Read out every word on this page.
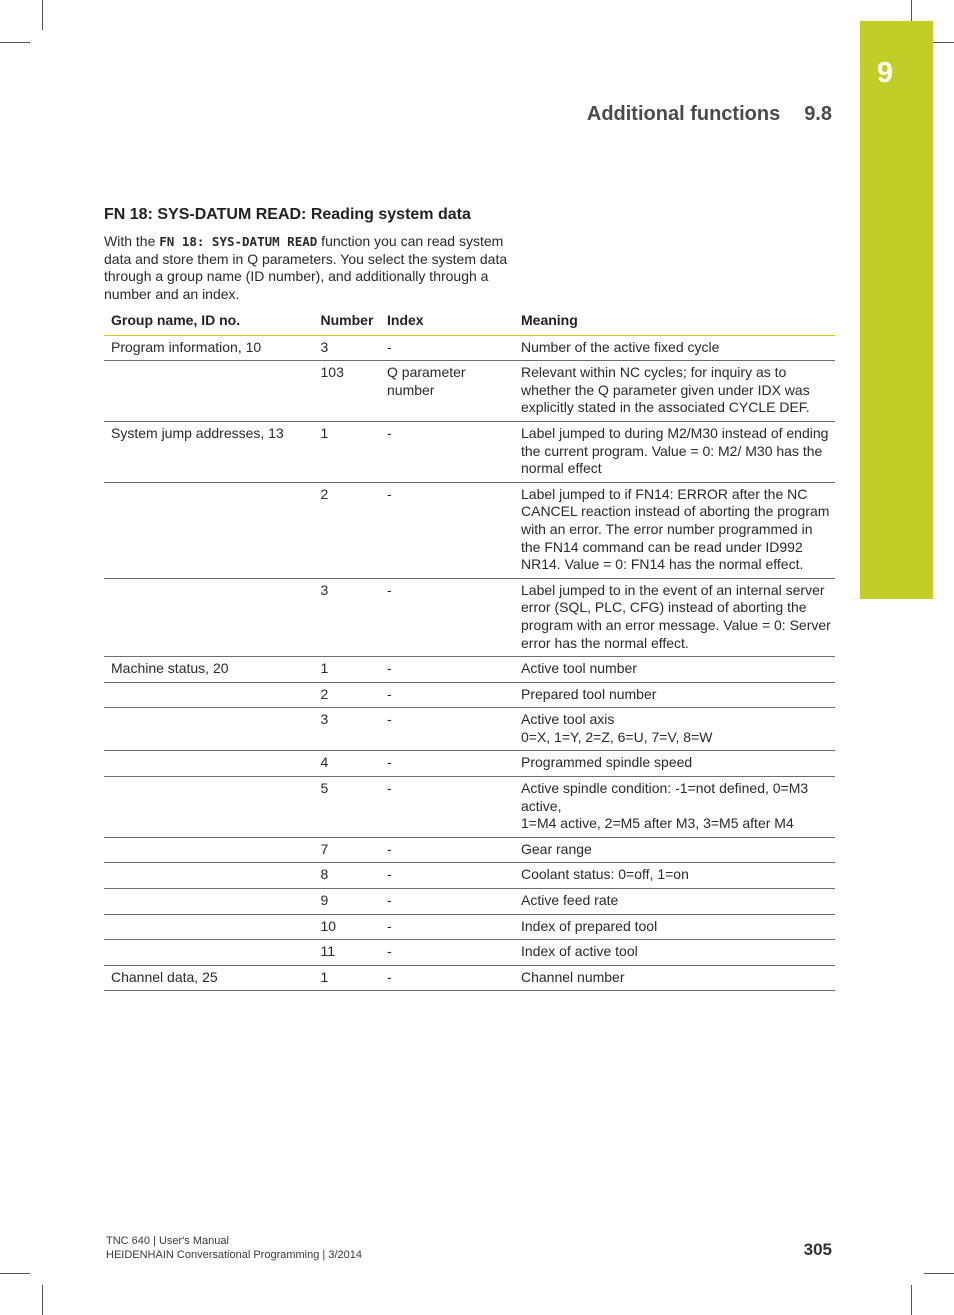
9
Additional functions 9.8
FN 18: SYS-DATUM READ: Reading system data

With the FN 18: SYS-DATUM READ function you can read system data and store them in Q parameters. You select the system data through a group name (ID number), and additionally through a number and an index.

Group name, ID no.	Number	Index	Meaning
Program information, 10	3	-	Number of the active fixed cycle
	103	Q parameter number	Relevant within NC cycles; for inquiry as to whether the Q parameter given under IDX was explicitly stated in the associated CYCLE DEF.
System jump addresses, 13	1	-	Label jumped to during M2/M30 instead of ending the current program. Value = 0: M2/ M30 has the normal effect
	2	-	Label jumped to if FN14: ERROR after the NC CANCEL reaction instead of aborting the program with an error. The error number programmed in the FN14 command can be read under ID992 NR14. Value = 0: FN14 has the normal effect.
	3	-	Label jumped to in the event of an internal server error (SQL, PLC, CFG) instead of aborting the program with an error message. Value = 0: Server error has the normal effect.
Machine status, 20	1	-	Active tool number
	2	-	Prepared tool number
	3	-	Active tool axis
0=X, 1=Y, 2=Z, 6=U, 7=V, 8=W
	4	-	Programmed spindle speed
	5	-	Active spindle condition: -1=not defined, 0=M3 active,
1=M4 active, 2=M5 after M3, 3=M5 after M4
	7	-	Gear range
	8	-	Coolant status: 0=off, 1=on
	9	-	Active feed rate
	10	-	Index of prepared tool
	11	-	Index of active tool
Channel data, 25	1	-	Channel number
TNC 640 | User's Manual
HEIDENHAIN Conversational Programming | 3/2014	305
